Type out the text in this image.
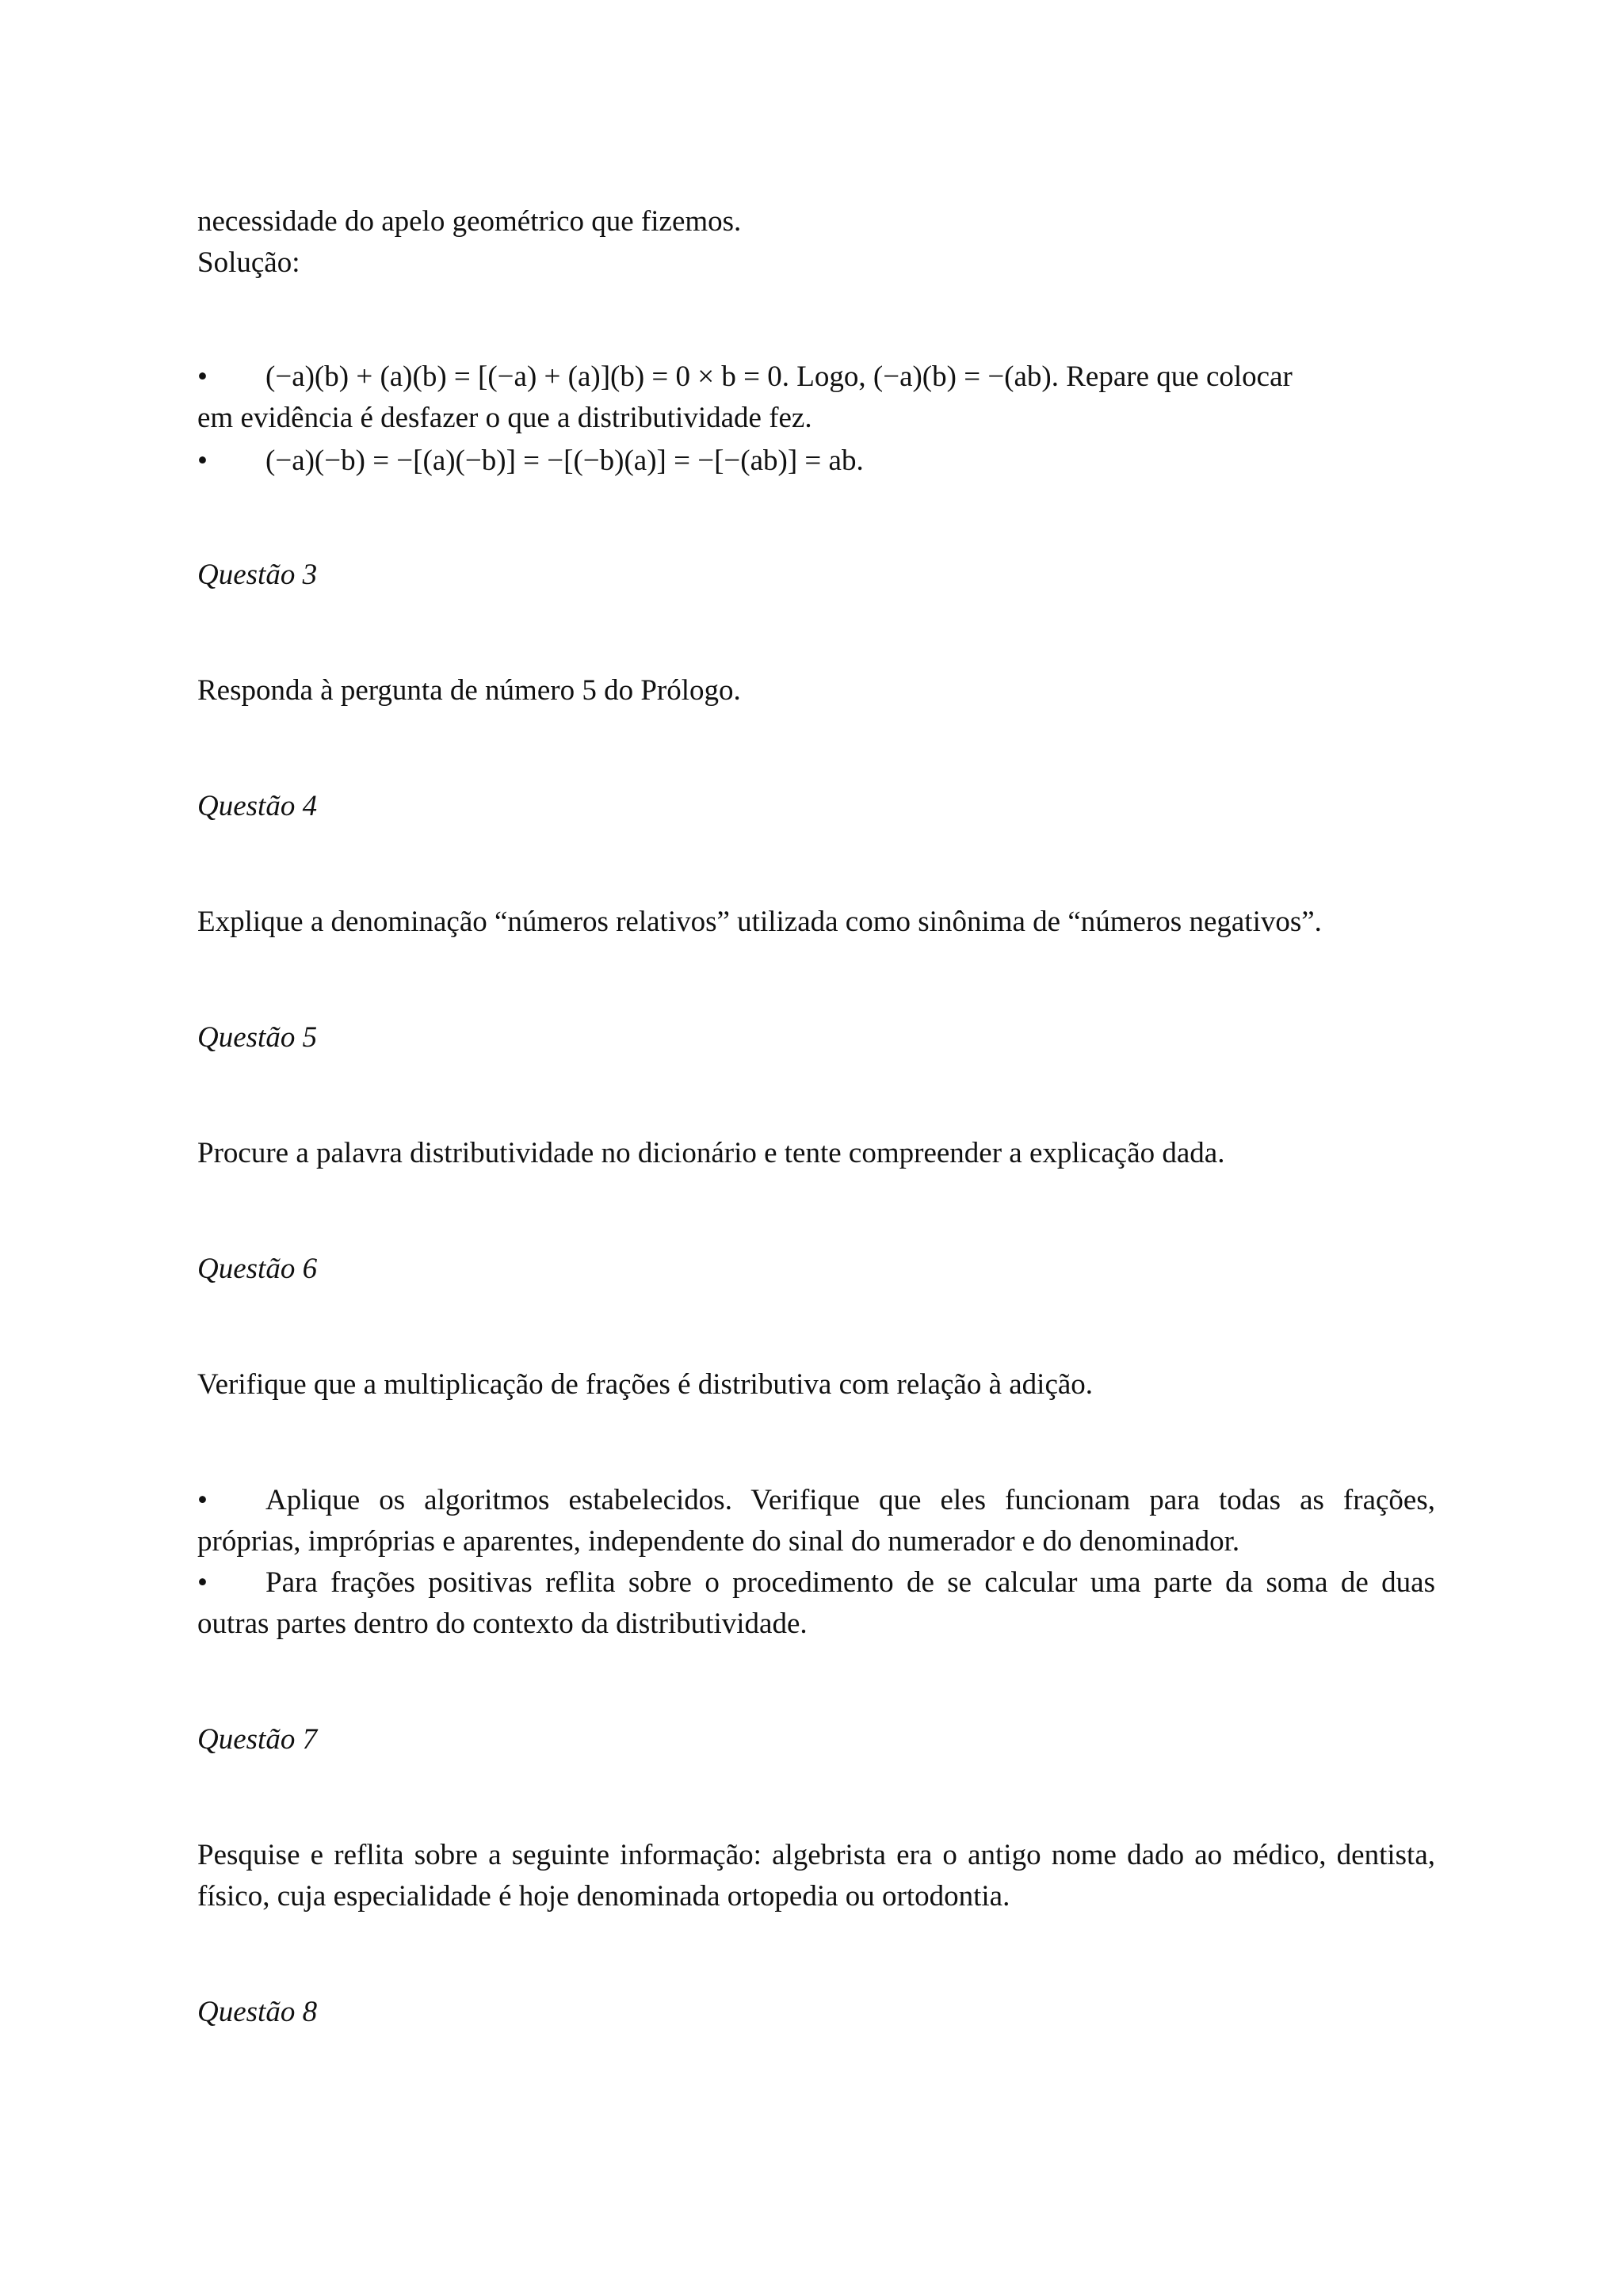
necessidade do apelo geométrico que fizemos.
Solução:
• (−a)(b) + (a)(b) = [(−a) + (a)](b) = 0 × b = 0. Logo, (−a)(b) = −(ab). Repare que colocar
em evidência é desfazer o que a distributividade fez.
• (−a)(−b) = −[(a)(−b)] = −[(−b)(a)] = −[−(ab)] = ab.
Questão 3
Responda à pergunta de número 5 do Prólogo.
Questão 4
Explique a denominação “números relativos” utilizada como sinônima de “números negativos”.
Questão 5
Procure a palavra distributividade no dicionário e tente compreender a explicação dada.
Questão 6
Verifique que a multiplicação de frações é distributiva com relação à adição.
• Aplique os algoritmos estabelecidos. Verifique que eles funcionam para todas as frações,
próprias, impróprias e aparentes, independente do sinal do numerador e do denominador.
• Para frações positivas reflita sobre o procedimento de se calcular uma parte da soma de duas
outras partes dentro do contexto da distributividade.
Questão 7
Pesquise e reflita sobre a seguinte informação: algebrista era o antigo nome dado ao médico, dentista, físico, cuja especialidade é hoje denominada ortopedia ou ortodontia.
Questão 8
